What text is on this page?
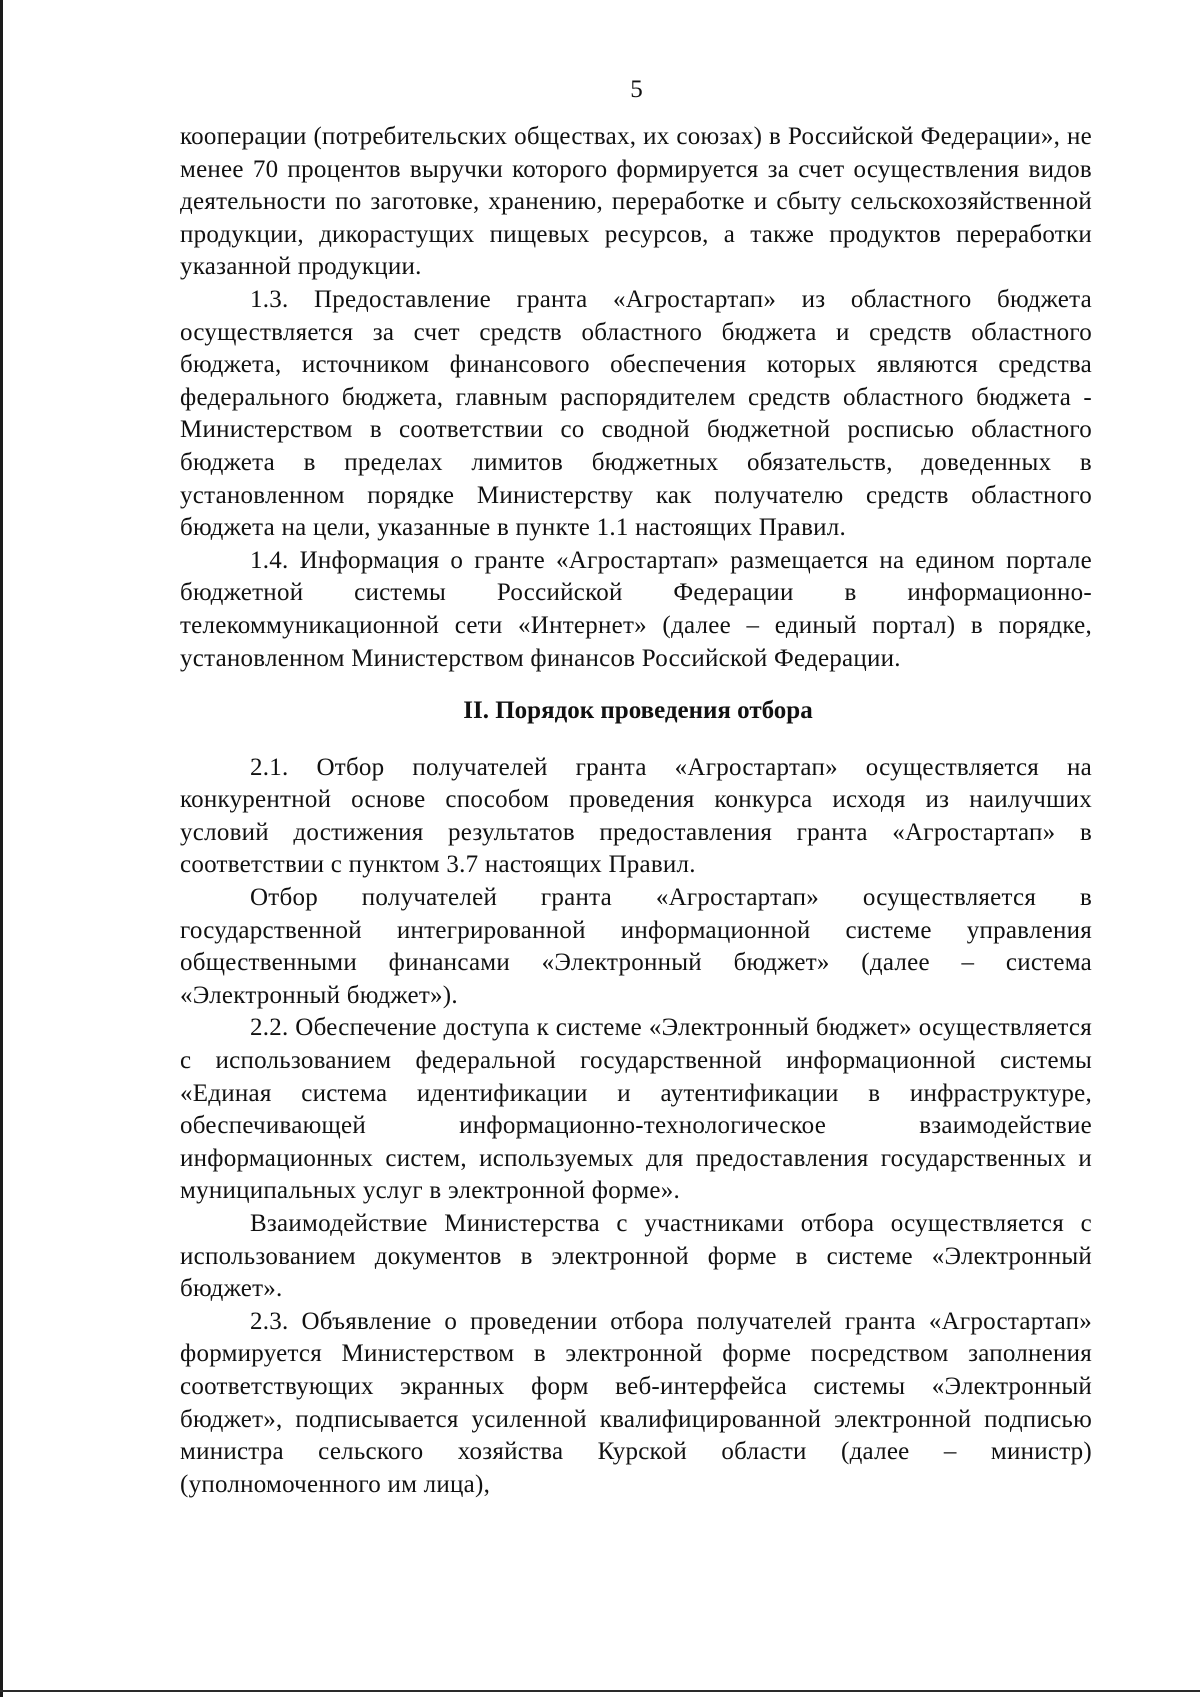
5

кооперации (потребительских обществах, их союзах) в Российской Федерации», не менее 70 процентов выручки которого формируется за счет осуществления видов деятельности по заготовке, хранению, переработке и сбыту сельскохозяйственной продукции, дикорастущих пищевых ресурсов, а также продуктов переработки указанной продукции.

1.3. Предоставление гранта «Агростартап» из областного бюджета осуществляется за счет средств областного бюджета и средств областного бюджета, источником финансового обеспечения которых являются средства федерального бюджета, главным распорядителем средств областного бюджета - Министерством в соответствии со сводной бюджетной росписью областного бюджета в пределах лимитов бюджетных обязательств, доведенных в установленном порядке Министерству как получателю средств областного бюджета на цели, указанные в пункте 1.1 настоящих Правил.

1.4. Информация о гранте «Агростартап» размещается на едином портале бюджетной системы Российской Федерации в информационно-телекоммуникационной сети «Интернет» (далее – единый портал) в порядке, установленном Министерством финансов Российской Федерации.

II. Порядок проведения отбора

2.1. Отбор получателей гранта «Агростартап» осуществляется на конкурентной основе способом проведения конкурса исходя из наилучших условий достижения результатов предоставления гранта «Агростартап» в соответствии с пунктом 3.7 настоящих Правил.

Отбор получателей гранта «Агростартап» осуществляется в государственной интегрированной информационной системе управления общественными финансами «Электронный бюджет» (далее – система «Электронный бюджет»).

2.2. Обеспечение доступа к системе «Электронный бюджет» осуществляется с использованием федеральной государственной информационной системы «Единая система идентификации и аутентификации в инфраструктуре, обеспечивающей информационно-технологическое взаимодействие информационных систем, используемых для предоставления государственных и муниципальных услуг в электронной форме».

Взаимодействие Министерства с участниками отбора осуществляется с использованием документов в электронной форме в системе «Электронный бюджет».

2.3. Объявление о проведении отбора получателей гранта «Агростартап» формируется Министерством в электронной форме посредством заполнения соответствующих экранных форм веб-интерфейса системы «Электронный бюджет», подписывается усиленной квалифицированной электронной подписью министра сельского хозяйства Курской области (далее – министр) (уполномоченного им лица),
